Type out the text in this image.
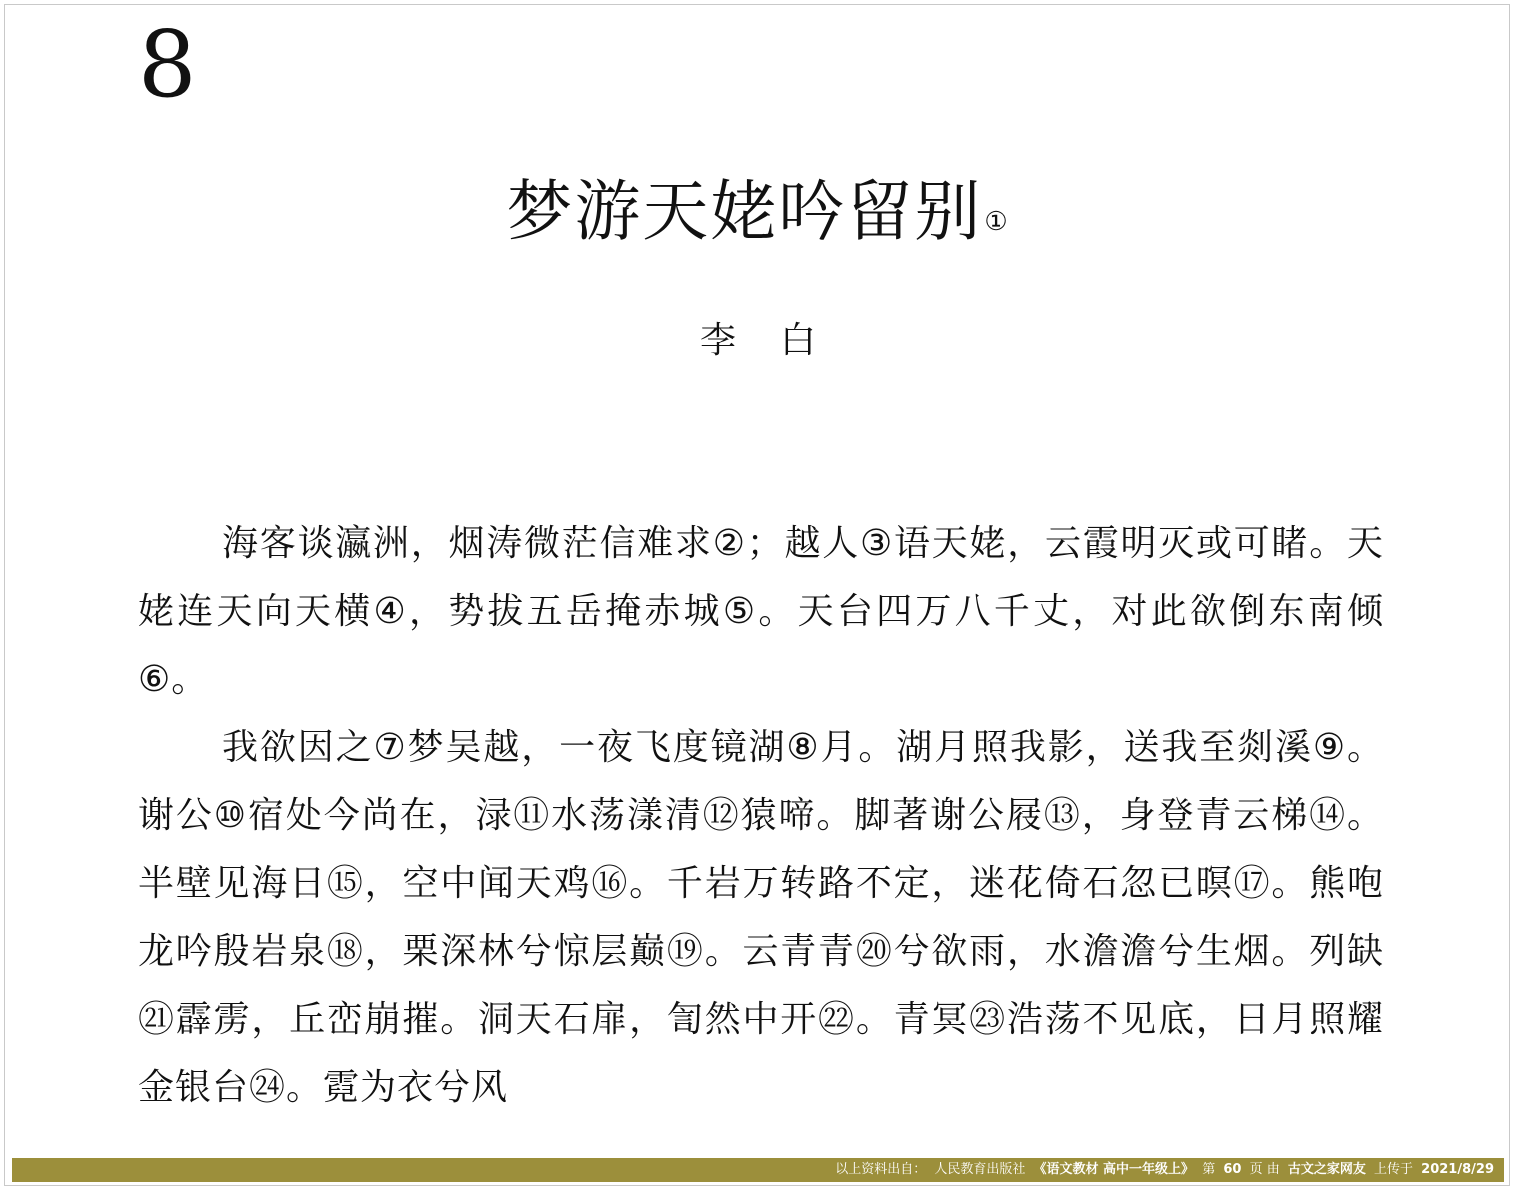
8
梦游天姥吟留别①
李白

海客谈瀛洲，烟涛微茫信难求②；越人③语天姥，云霞明灭或可睹。天姥连天向天横④，势拔五岳掩赤城⑤。天台四万八千丈，对此欲倒东南倾⑥。

我欲因之⑦梦吴越，一夜飞度镜湖⑧月。湖月照我影，送我至剡溪⑨。谢公⑩宿处今尚在，渌⑪水荡漾清⑫猿啼。脚著谢公屐⑬，身登青云梯⑭。半壁见海日⑮，空中闻天鸡⑯。千岩万转路不定，迷花倚石忽已暝⑰。熊咆龙吟殷岩泉⑱，栗深林兮惊层巅⑲。云青青⑳兮欲雨，水澹澹兮生烟。列缺㉑霹雳，丘峦崩摧。洞天石扉，訇然中开㉒。青冥㉓浩荡不见底，日月照耀金银台㉔。霓为衣兮风

以上资料出自： 人民教育出版社 《语文教材 高中一年级上》 第 60 页 由 古文之家网友 上传于 2021/8/29
